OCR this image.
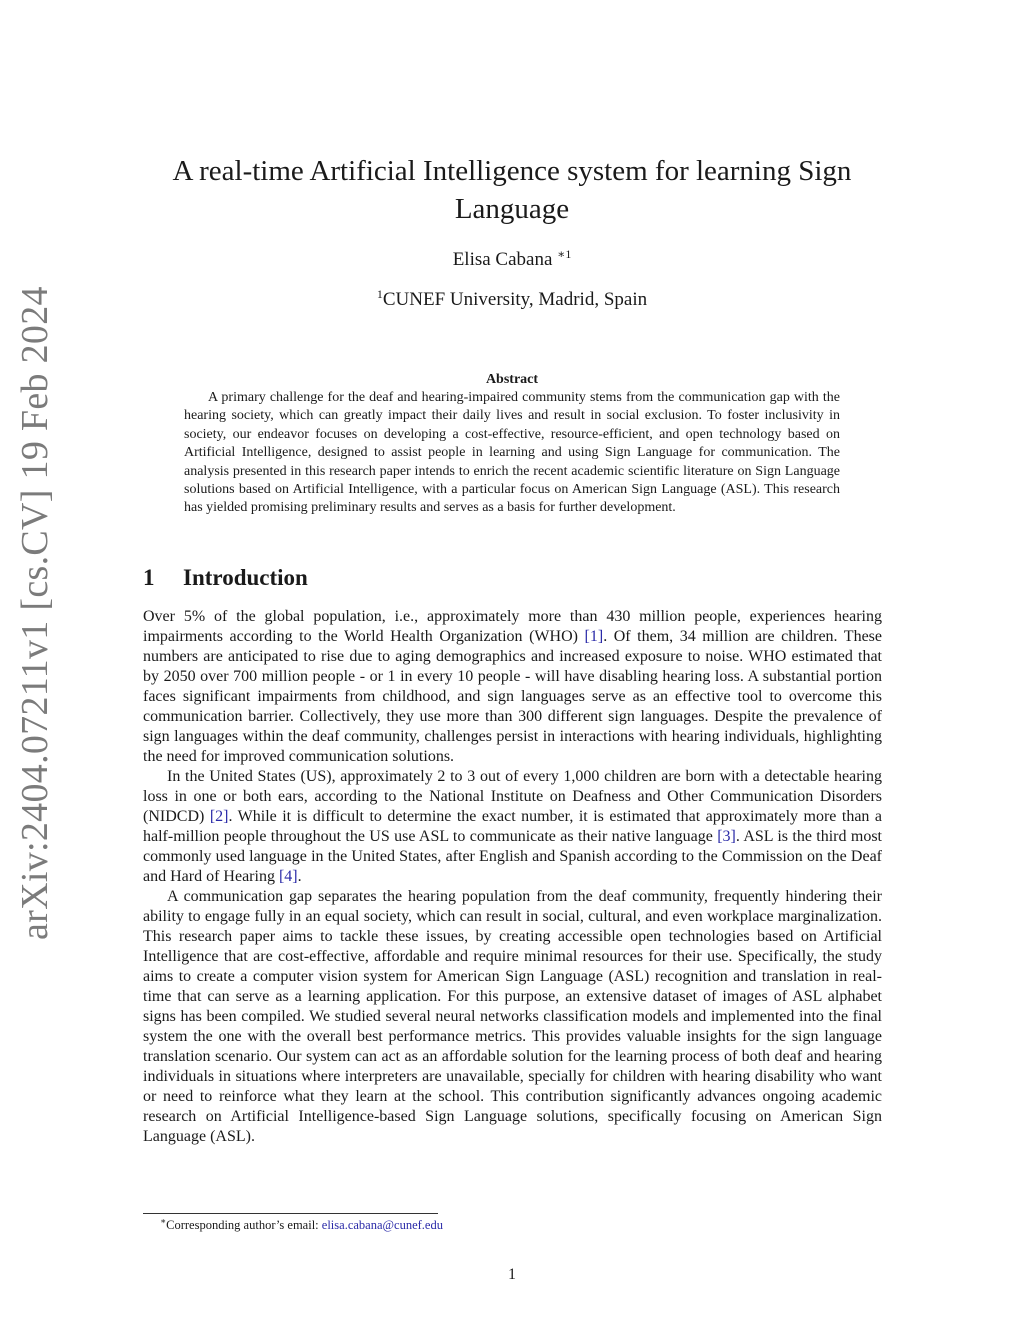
arXiv:2404.07211v1 [cs.CV] 19 Feb 2024
A real-time Artificial Intelligence system for learning Sign Language
Elisa Cabana $^{∗1}$
$^1$CUNEF University, Madrid, Spain
Abstract

A primary challenge for the deaf and hearing-impaired community stems from the communication gap with the hearing society, which can greatly impact their daily lives and result in social exclusion. To foster inclusivity in society, our endeavor focuses on developing a cost-effective, resource-efficient, and open technology based on Artificial Intelligence, designed to assist people in learning and using Sign Language for communication. The analysis presented in this research paper intends to enrich the recent academic scientific literature on Sign Language solutions based on Artificial Intelligence, with a particular focus on American Sign Language (ASL). This research has yielded promising preliminary results and serves as a basis for further development.

1 Introduction

Over 5% of the global population, i.e., approximately more than 430 million people, experiences hearing impairments according to the World Health Organization (WHO) [1]. Of them, 34 million are children. These numbers are anticipated to rise due to aging demographics and increased exposure to noise. WHO estimated that by 2050 over 700 million people - or 1 in every 10 people - will have disabling hearing loss. A substantial portion faces significant impairments from childhood, and sign languages serve as an effective tool to overcome this communication barrier. Collectively, they use more than 300 different sign languages. Despite the prevalence of sign languages within the deaf community, challenges persist in interactions with hearing individuals, highlighting the need for improved communication solutions.

In the United States (US), approximately 2 to 3 out of every 1,000 children are born with a detectable hearing loss in one or both ears, according to the National Institute on Deafness and Other Communication Disorders (NIDCD) [2]. While it is difficult to determine the exact number, it is estimated that approximately more than a half-million people throughout the US use ASL to communicate as their native language [3]. ASL is the third most commonly used language in the United States, after English and Spanish according to the Commission on the Deaf and Hard of Hearing [4].

A communication gap separates the hearing population from the deaf community, frequently hindering their ability to engage fully in an equal society, which can result in social, cultural, and even workplace marginalization. This research paper aims to tackle these issues, by creating accessible open technologies based on Artificial Intelligence that are cost-effective, affordable and require minimal resources for their use. Specifically, the study aims to create a computer vision system for American Sign Language (ASL) recognition and translation in real-time that can serve as a learning application. For this purpose, an extensive dataset of images of ASL alphabet signs has been compiled. We studied several neural networks classification models and implemented into the final system the one with the overall best performance metrics. This provides valuable insights for the sign language translation scenario. Our system can act as an affordable solution for the learning process of both deaf and hearing individuals in situations where interpreters are unavailable, specially for children with hearing disability who want or need to reinforce what they learn at the school. This contribution significantly advances ongoing academic research on Artificial Intelligence-based Sign Language solutions, specifically focusing on American Sign Language (ASL).

∗Corresponding author’s email: elisa.cabana@cunef.edu
1
